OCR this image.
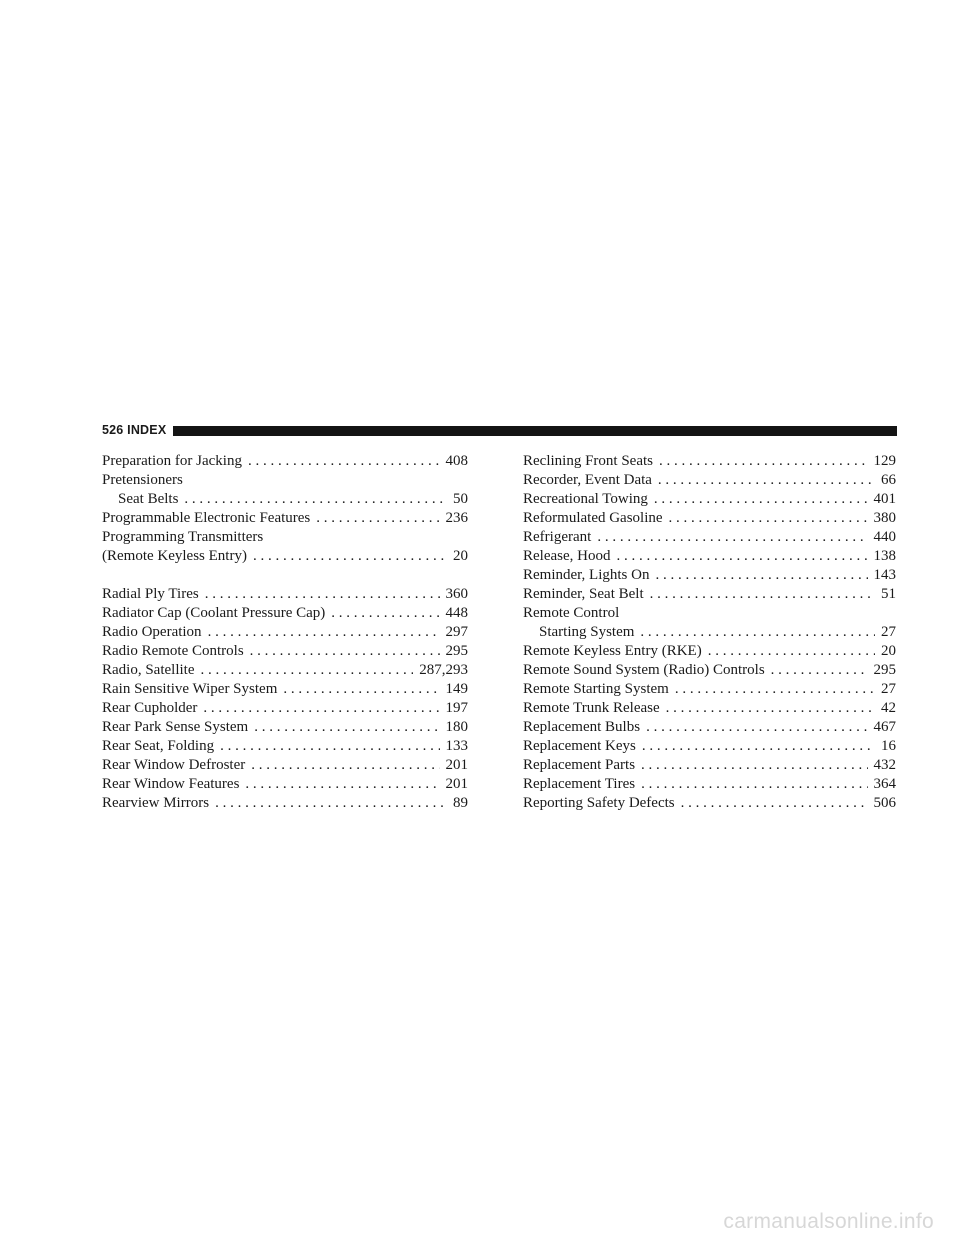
526 INDEX
Preparation for Jacking . . .	408
Pretensioners
Seat Belts . . .	50
Programmable Electronic Features . . .	236
Programming Transmitters
(Remote Keyless Entry) . . .	20
Radial Ply Tires . . .	360
Radiator Cap (Coolant Pressure Cap) . . .	448
Radio Operation . . .	297
Radio Remote Controls . . .	295
Radio, Satellite . . .	287,293
Rain Sensitive Wiper System . . .	149
Rear Cupholder . . .	197
Rear Park Sense System . . .	180
Rear Seat, Folding . . .	133
Rear Window Defroster . . .	201
Rear Window Features . . .	201
Rearview Mirrors . . .	89
Reclining Front Seats . . .	129
Recorder, Event Data . . .	66
Recreational Towing . . .	401
Reformulated Gasoline . . .	380
Refrigerant . . .	440
Release, Hood . . .	138
Reminder, Lights On . . .	143
Reminder, Seat Belt . . .	51
Remote Control
Starting System . . .	27
Remote Keyless Entry (RKE) . . .	20
Remote Sound System (Radio) Controls . . .	295
Remote Starting System . . .	27
Remote Trunk Release . . .	42
Replacement Bulbs . . .	467
Replacement Keys . . .	16
Replacement Parts . . .	432
Replacement Tires . . .	364
Reporting Safety Defects . . .	506
carmanualsonline.info
